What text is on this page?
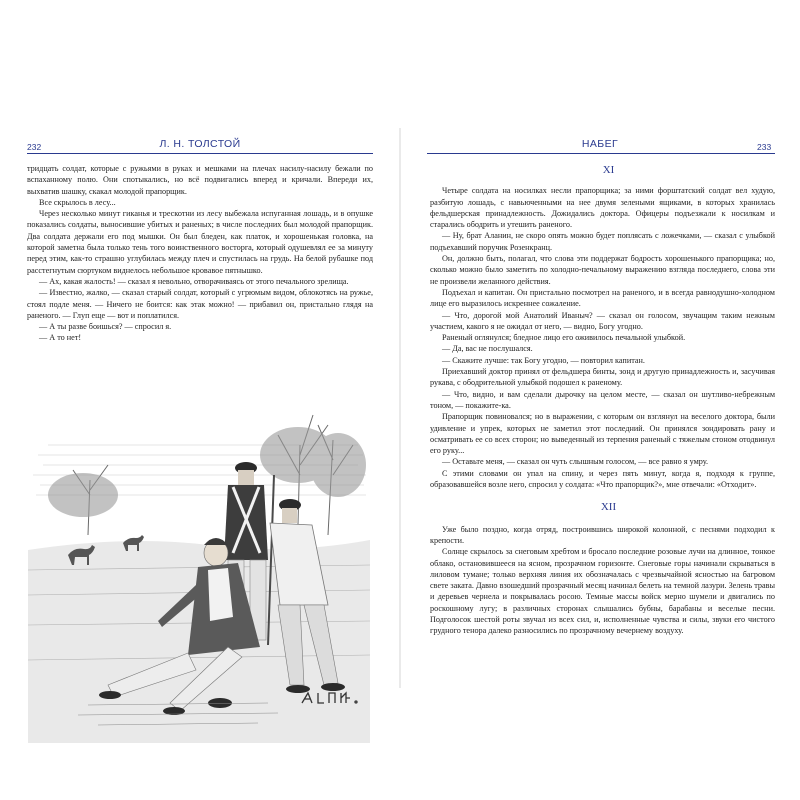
232	Л. Н. ТОЛСТОЙ

тридцать солдат, которые с ружьями в руках и мешками на плечах насилу-насилу бежали по вспаханному полю. Они спотыкались, но всё подвигались вперед и кричали. Впереди их, выхватив шашку, скакал молодой прапорщик.

Все скрылось в лесу...

Через несколько минут гиканья и трескотни из лесу выбежала испуганная лошадь, и в опушке показались солдаты, выносившие убитых и раненых; в числе последних был молодой прапорщик. Два солдата держали его под мышки. Он был бледен, как платок, и хорошенькая головка, на которой заметна была только тень того воинственного восторга, который одушевлял ее за минуту перед этим, как-то страшно углубилась между плеч и спустилась на грудь. На белой рубашке под расстегнутым сюртуком виднелось небольшое кровавое пятнышко.

— Ах, какая жалость! — сказал я невольно, отворачиваясь от этого печального зрелища.

— Известно, жалко, — сказал старый солдат, который с угрюмым видом, облокотясь на ружье, стоял подле меня. — Ничего не боится: как этак можно! — прибавил он, пристально глядя на раненого. — Глуп еще — вот и поплатился.

— А ты разве боишься? — спросил я.

— А то нет!

НАБЕГ	233

XI

Четыре солдата на носилках несли прапорщика; за ними форштатский солдат вел худую, разбитую лошадь, с навьюченными на нее двумя зелеными ящиками, в которых хранилась фельдшерская принадлежность. Дожидались доктора. Офицеры подъезжали к носилкам и старались ободрить и утешить раненого.

— Ну, брат Аланин, не скоро опять можно будет поплясать с ложечками, — сказал с улыбкой подъехавший поручик Розенкранц.

Он, должно быть, полагал, что слова эти поддержат бодрость хорошенького прапорщика; но, сколько можно было заметить по холодно-печальному выражению взгляда последнего, слова эти не произвели желанного действия.

Подъехал и капитан. Он пристально посмотрел на раненого, и в всегда равнодушно-холодном лице его выразилось искреннее сожаление.

— Что, дорогой мой Анатолий Иваныч? — сказал он голосом, звучащим таким нежным участием, какого я не ожидал от него, — видно, Богу угодно.

Раненый оглянулся; бледное лицо его оживилось печальной улыбкой.

— Да, вас не послушался.

— Скажите лучше: так Богу угодно, — повторил капитан.

Приехавший доктор принял от фельдшера бинты, зонд и другую принадлежность и, засучивая рукава, с ободрительной улыбкой подошел к раненому.

— Что, видно, и вам сделали дырочку на целом месте, — сказал он шутливо-небрежным тоном, — покажите-ка.

Прапорщик повиновался; но в выражении, с которым он взглянул на веселого доктора, были удивление и упрек, которых не заметил этот последний. Он принялся зондировать рану и осматривать ее со всех сторон; но выведенный из терпения раненый с тяжелым стоном отодвинул его руку...

— Оставьте меня, — сказал он чуть слышным голосом, — все равно я умру.

С этими словами он упал на спину, и через пять минут, когда я, подходя к группе, образовавшейся возле него, спросил у солдата: «Что прапорщик?», мне отвечали: «Отходит».

XII

Уже было поздно, когда отряд, построившись широкой колонной, с песнями подходил к крепости.

Солнце скрылось за снеговым хребтом и бросало последние розовые лучи на длинное, тонкое облако, остановившееся на ясном, прозрачном горизонте. Снеговые горы начинали скрываться в лиловом тумане; только верхняя линия их обозначалась с чрезвычайной ясностью на багровом свете заката. Давно взошедший прозрачный месяц начинал белеть на темной лазури. Зелень травы и деревьев чернела и покрывалась росою. Темные массы войск мерно шумели и двигались по роскошному лугу; в различных сторонах слышались бубны, барабаны и веселые песни. Подголосок шестой роты звучал из всех сил, и, исполненные чувства и силы, звуки его чистого грудного тенора далеко разносились по прозрачному вечернему воздуху.
